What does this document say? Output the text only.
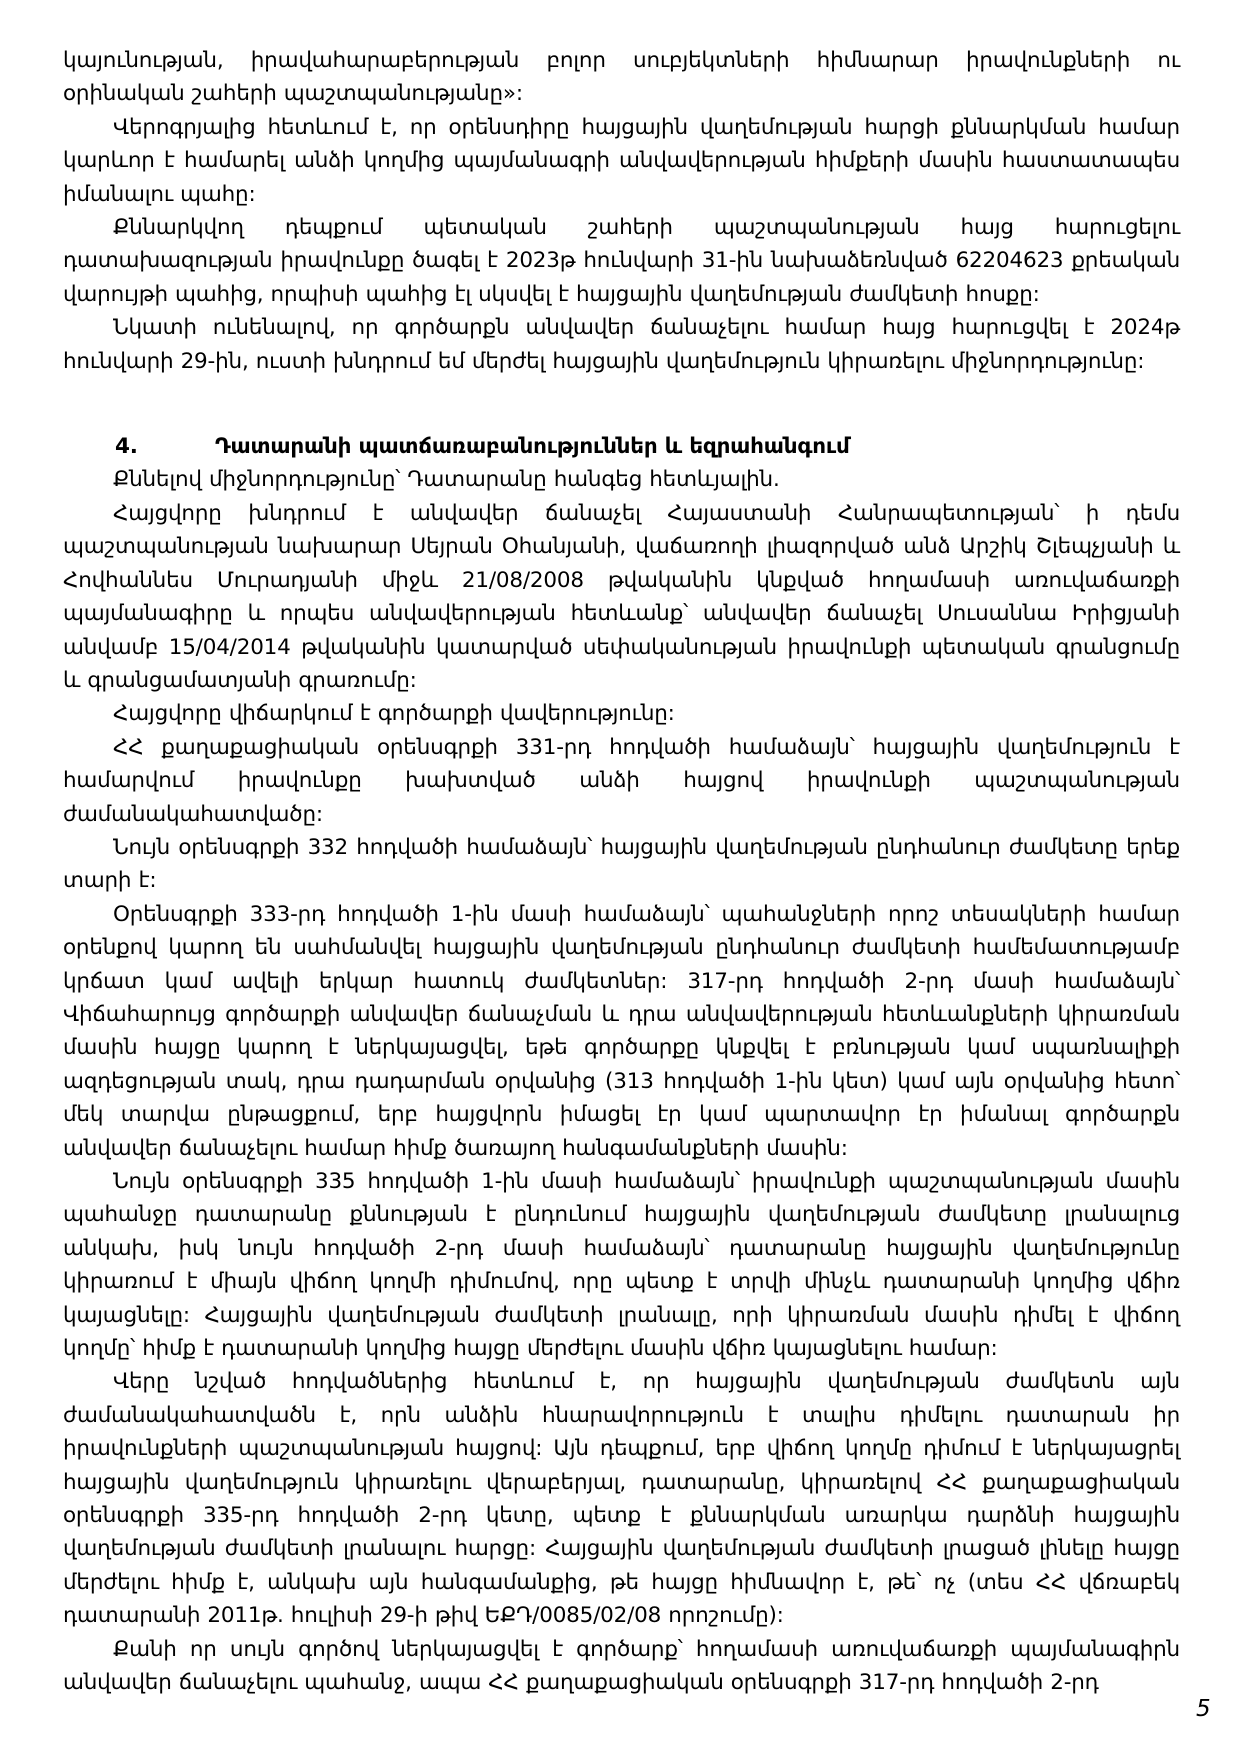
կայունության, իրավահարաբերության բոլոր սուբյեկտների հիմնարար իրավունքների ու օրինական շահերի պաշտպանությանը»:

Վերոգրյալից հետևում է, որ օրենսդիրը հայցային վաղեմության հարցի քննարկման համար կարևոր է համարել անձի կողմից պայմանագրի անվավերության հիմքերի մասին հաստատապես իմանալու պահը:

Քննարկվող դեպքում պետական շահերի պաշտպանության հայց հարուցելու դատախազության իրավունքը ծագել է 2023թ հունվարի 31-ին նախաձեռնված 62204623 քրեական վարույթի պահից, որպիսի պահից էլ սկսվել է հայցային վաղեմության ժամկետի հոսքը:

Նկատի ունենալով, որ գործարքն անվավեր ճանաչելու համար հայց հարուցվել է 2024թ հունվարի 29-ին, ուստի խնդրում եմ մերժել հայցային վաղեմություն կիրառելու միջնորդությունը:

4.	Դատարանի պատճառաբանություններ և եզրահանգում

Քննելով միջնորդությունը՝ Դատարանը հանգեց հետևյալին.

Հայցվորը խնդրում է անվավեր ճանաչել Հայաստանի Հանրապետության՝ ի դեմս պաշտպանության նախարար Սեյրան Օհանյանի, վաճառողի լիազորված անձ Արշիկ Շլեպչյանի և Հովհաննես Մուրադյանի միջև 21/08/2008 թվականին կնքված հողամասի առուվաճառքի պայմանագիրը և որպես անվավերության հետևանք՝ անվավեր ճանաչել Սուսաննա Իրիցյանի անվամբ 15/04/2014 թվականին կատարված սեփականության իրավունքի պետական գրանցումը և գրանցամատյանի գրառումը:

Հայցվորը վիճարկում է գործարքի վավերությունը:

ՀՀ քաղաքացիական օրենսգրքի 331-րդ հոդվածի համաձայն՝ հայցային վաղեմություն է համարվում իրավունքը խախտված անձի հայցով իրավունքի պաշտպանության ժամանակահատվածը:

Նույն օրենսգրքի 332 հոդվածի համաձայն՝ հայցային վաղեմության ընդհանուր ժամկետը երեք տարի է:

Օրենսգրքի 333-րդ հոդվածի 1-ին մասի համաձայն՝ պահանջների որոշ տեսակների համար օրենքով կարող են սահմանվել հայցային վաղեմության ընդհանուր ժամկետի համեմատությամբ կրճատ կամ ավելի երկար հատուկ ժամկետներ: 317-րդ հոդվածի 2-րդ մասի համաձայն՝ Վիճահարույց գործարքի անվավեր ճանաչման և դրա անվավերության հետևանքների կիրառման մասին հայցը կարող է ներկայացվել, եթե գործարքը կնքվել է բռնության կամ սպառնալիքի ազդեցության տակ, դրա դադարման օրվանից (313 հոդվածի 1-ին կետ) կամ այն օրվանից հետո՝ մեկ տարվա ընթացքում, երբ հայցվորն իմացել էր կամ պարտավոր էր իմանալ գործարքն անվավեր ճանաչելու համար հիմք ծառայող հանգամանքների մասին:

Նույն օրենսգրքի 335 հոդվածի 1-ին մասի համաձայն՝ իրավունքի պաշտպանության մասին պահանջը դատարանը քննության է ընդունում հայցային վաղեմության ժամկետը լրանալուց անկախ, իսկ նույն հոդվածի 2-րդ մասի համաձայն՝ դատարանը հայցային վաղեմությունը կիրառում է միայն վիճող կողմի դիմումով, որը պետք է տրվի մինչև դատարանի կողմից վճիռ կայացնելը: Հայցային վաղեմության ժամկետի լրանալը, որի կիրառման մասին դիմել է վիճող կողմը՝ հիմք է դատարանի կողմից հայցը մերժելու մասին վճիռ կայացնելու համար:

Վերը նշված հոդվածներից հետևում է, որ հայցային վաղեմության ժամկետն այն ժամանակահատվածն է, որն անձին հնարավորություն է տալիս դիմելու դատարան իր իրավունքների պաշտպանության հայցով: Այն դեպքում, երբ վիճող կողմը դիմում է ներկայացրել հայցային վաղեմություն կիրառելու վերաբերյալ, դատարանը, կիրառելով ՀՀ քաղաքացիական օրենսգրքի 335-րդ հոդվածի 2-րդ կետը, պետք է քննարկման առարկա դարձնի հայցային վաղեմության ժամկետի լրանալու հարցը: Հայցային վաղեմության ժամկետի լրացած լինելը հայցը մերժելու հիմք է, անկախ այն հանգամանքից, թե հայցը հիմնավոր է, թե՝ ոչ (տես ՀՀ վճռաբեկ դատարանի 2011թ. հուլիսի 29-ի թիվ ԵՔԴ/0085/02/08 որոշումը):

Քանի որ սույն գործով ներկայացվել է գործարք՝ հողամասի առուվաճառքի պայմանագիրն անվավեր ճանաչելու պահանջ, ապա ՀՀ քաղաքացիական օրենսգրքի 317-րդ հոդվածի 2-րդ

5
